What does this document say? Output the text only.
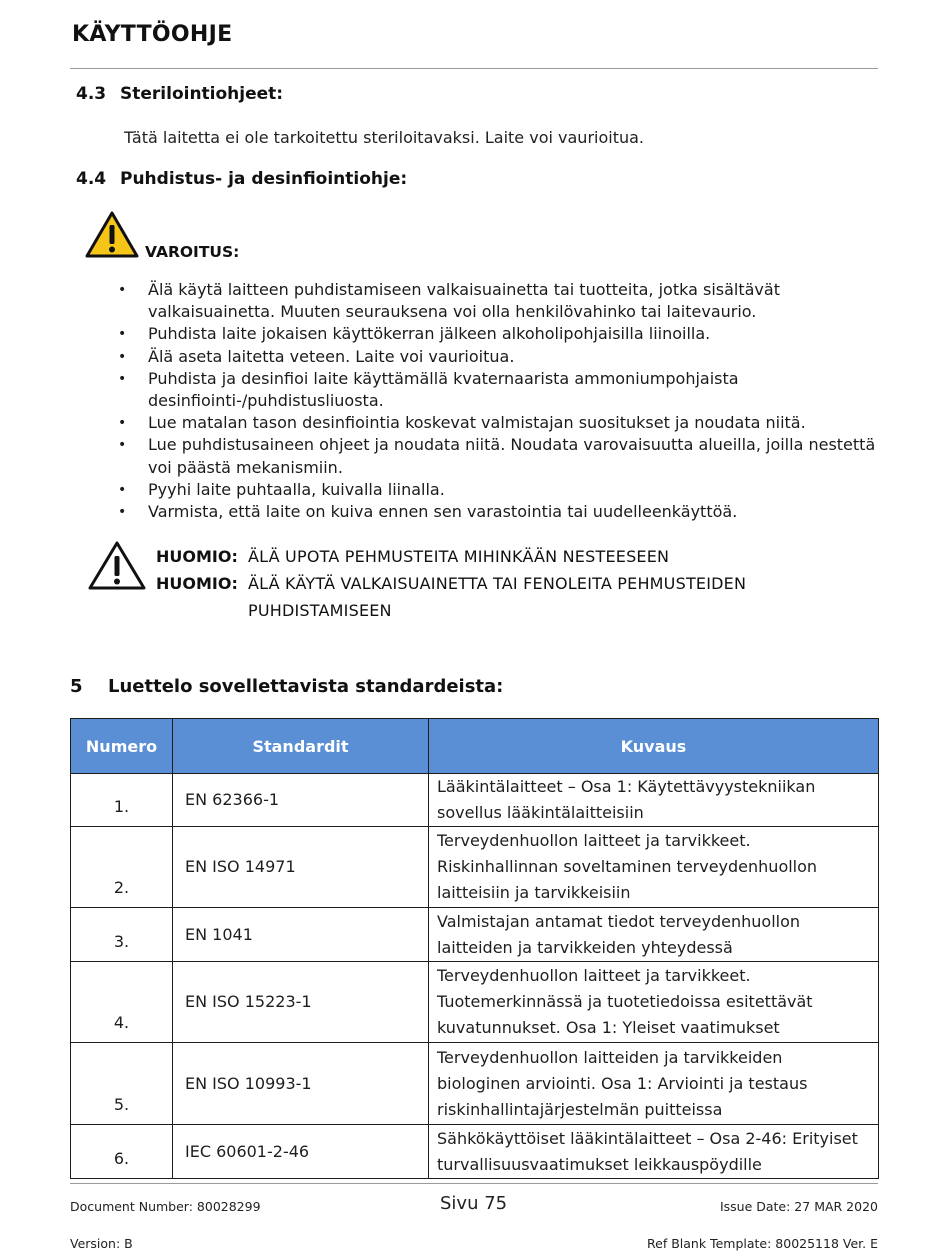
KÄYTTÖOHJE
4.3 Sterilointiohjeet:
Tätä laitetta ei ole tarkoitettu steriloitavaksi. Laite voi vaurioitua.
4.4 Puhdistus- ja desinfiointiohje:
VAROITUS:
• Älä käytä laitteen puhdistamiseen valkaisuainetta tai tuotteita, jotka sisältävät valkaisuainetta. Muuten seurauksena voi olla henkilövahinko tai laitevaurio.
• Puhdista laite jokaisen käyttökerran jälkeen alkoholipohjaisilla liinoilla.
• Älä aseta laitetta veteen. Laite voi vaurioitua.
• Puhdista ja desinfioi laite käyttämällä kvaternaarista ammoniumpohjaista desinfiointi-/puhdistusliuosta.
• Lue matalan tason desinfiointia koskevat valmistajan suositukset ja noudata niitä.
• Lue puhdistusaineen ohjeet ja noudata niitä. Noudata varovaisuutta alueilla, joilla nestettä voi päästä mekanismiin.
• Pyyhi laite puhtaalla, kuivalla liinalla.
• Varmista, että laite on kuiva ennen sen varastointia tai uudelleenkäyttöä.
HUOMIO: ÄLÄ UPOTA PEHMUSTEITA MIHINKÄÄN NESTEESEEN
HUOMIO: ÄLÄ KÄYTÄ VALKAISUAINETTA TAI FENOLEITA PEHMUSTEIDEN PUHDISTAMISEEN
5 Luettelo sovellettavista standardeista:
Numero	Standardit	Kuvaus
1.	EN 62366-1	Lääkintälaitteet – Osa 1: Käytettävyystekniikan sovellus lääkintälaitteisiin
2.	EN ISO 14971	Terveydenhuollon laitteet ja tarvikkeet. Riskinhallinnan soveltaminen terveydenhuollon laitteisiin ja tarvikkeisiin
3.	EN 1041	Valmistajan antamat tiedot terveydenhuollon laitteiden ja tarvikkeiden yhteydessä
4.	EN ISO 15223-1	Terveydenhuollon laitteet ja tarvikkeet. Tuotemerkinnässä ja tuotetiedoissa esitettävät kuvatunnukset. Osa 1: Yleiset vaatimukset
5.	EN ISO 10993-1	Terveydenhuollon laitteiden ja tarvikkeiden biologinen arviointi. Osa 1: Arviointi ja testaus riskinhallintajärjestelmän puitteissa
6.	IEC 60601-2-46	Sähkökäyttöiset lääkintälaitteet – Osa 2-46: Erityiset turvallisuusvaatimukset leikkauspöydille
Document Number: 80028299	Sivu 75	Issue Date: 27 MAR 2020
Version: B	Ref Blank Template: 80025118 Ver. E
